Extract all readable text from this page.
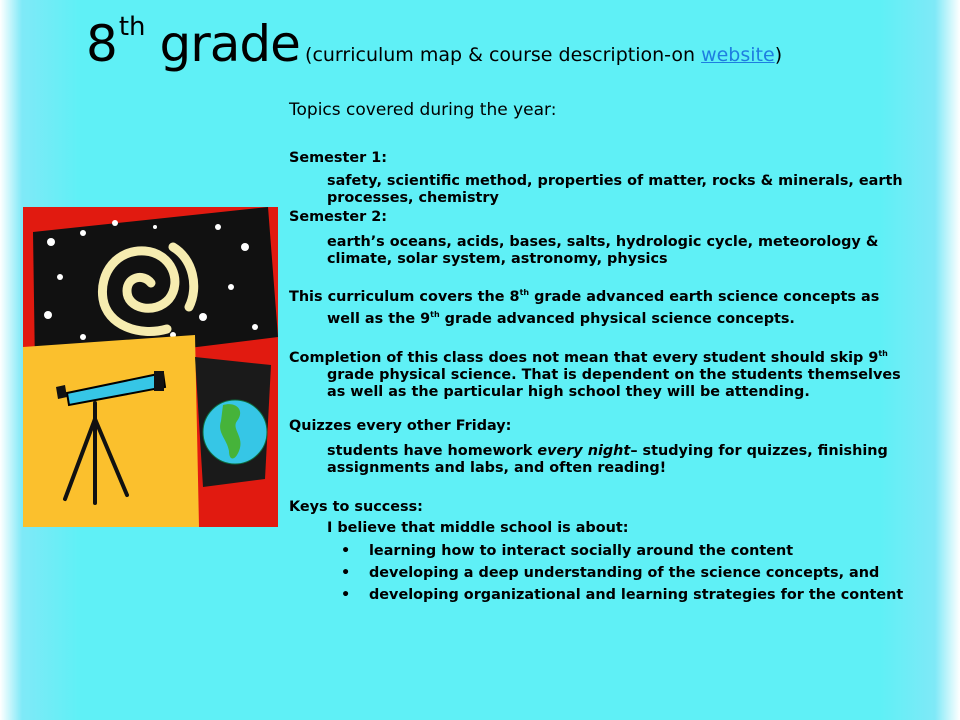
8th grade (curriculum map & course description-on website)
Topics covered during the year:

Semester 1:

safety, scientific method, properties of matter, rocks & minerals, earth processes, chemistry

Semester 2:

earth’s oceans, acids, bases, salts, hydrologic cycle, meteorology & climate, solar system, astronomy, physics

This curriculum covers the 8th grade advanced earth science concepts as well as the 9th grade advanced physical science concepts.

Completion of this class does not mean that every student should skip 9th grade physical science. That is dependent on the students themselves as well as the particular high school they will be attending.

Quizzes every other Friday:

students have homework every night– studying for quizzes, finishing assignments and labs, and often reading!

Keys to success:

I believe that middle school is about:

• learning how to interact socially around the content

• developing a deep understanding of the science concepts, and

• developing organizational and learning strategies for the content
